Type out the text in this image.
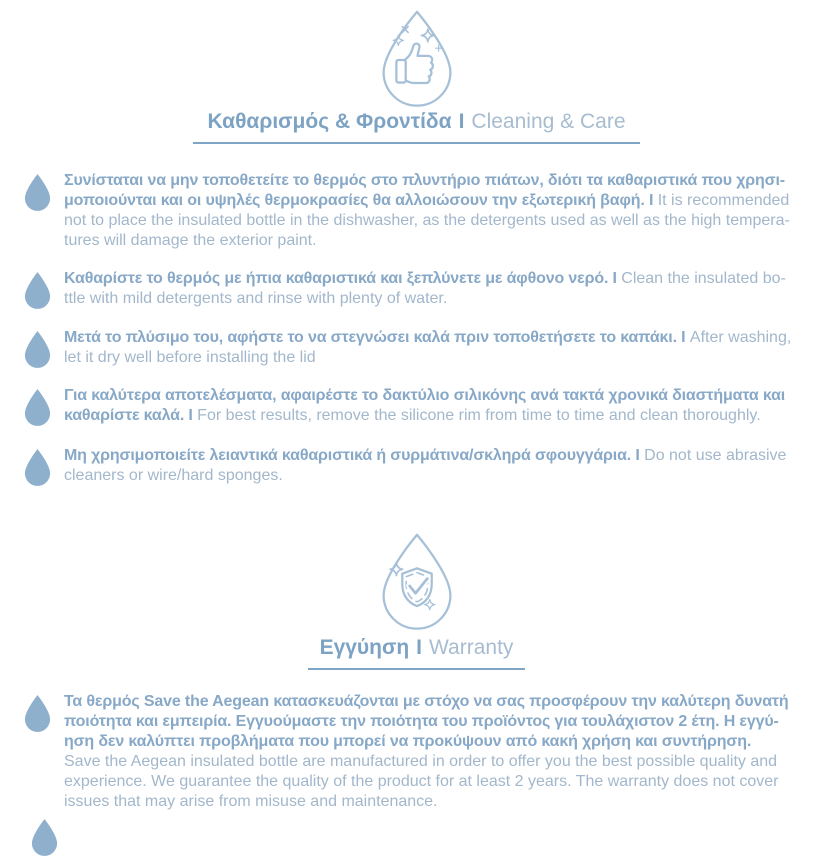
Καθαρισμός & Φροντίδα Ι Cleaning & Care
Συνίσταται να μην τοποθετείτε το θερμός στο πλυντήριο πιάτων, διότι τα καθαριστικά που χρησι-
μοποιούνται και οι υψηλές θερμοκρασίες θα αλλοιώσουν την εξωτερική βαφή. Ι It is recommended
not to place the insulated bottle in the dishwasher, as the detergents used as well as the high tempera-
tures will damage the exterior paint.
Καθαρίστε το θερμός με ήπια καθαριστικά και ξεπλύνετε με άφθονο νερό. Ι Clean the insulated bo-
ttle with mild detergents and rinse with plenty of water.
Μετά το πλύσιμο του, αφήστε το να στεγνώσει καλά πριν τοποθετήσετε το καπάκι. Ι After washing,
let it dry well before installing the lid
Για καλύτερα αποτελέσματα, αφαιρέστε το δακτύλιο σιλικόνης ανά τακτά χρονικά διαστήματα και
καθαρίστε καλά. Ι For best results, remove the silicone rim from time to time and clean thoroughly.
Μη χρησιμοποιείτε λειαντικά καθαριστικά ή συρμάτινα/σκληρά σφουγγάρια. Ι Do not use abrasive
cleaners or wire/hard sponges.
Εγγύηση Ι Warranty
Τα θερμός Save the Aegean κατασκευάζονται με στόχο να σας προσφέρουν την καλύτερη δυνατή
ποιότητα και εμπειρία. Εγγυούμαστε την ποιότητα του προϊόντος για τουλάχιστον 2 έτη. Η εγγύ-
ηση δεν καλύπτει προβλήματα που μπορεί να προκύψουν από κακή χρήση και συντήρηση.
Save the Aegean insulated bottle are manufactured in order to offer you the best possible quality and
experience. We guarantee the quality of the product for at least 2 years. The warranty does not cover
issues that may arise from misuse and maintenance.
